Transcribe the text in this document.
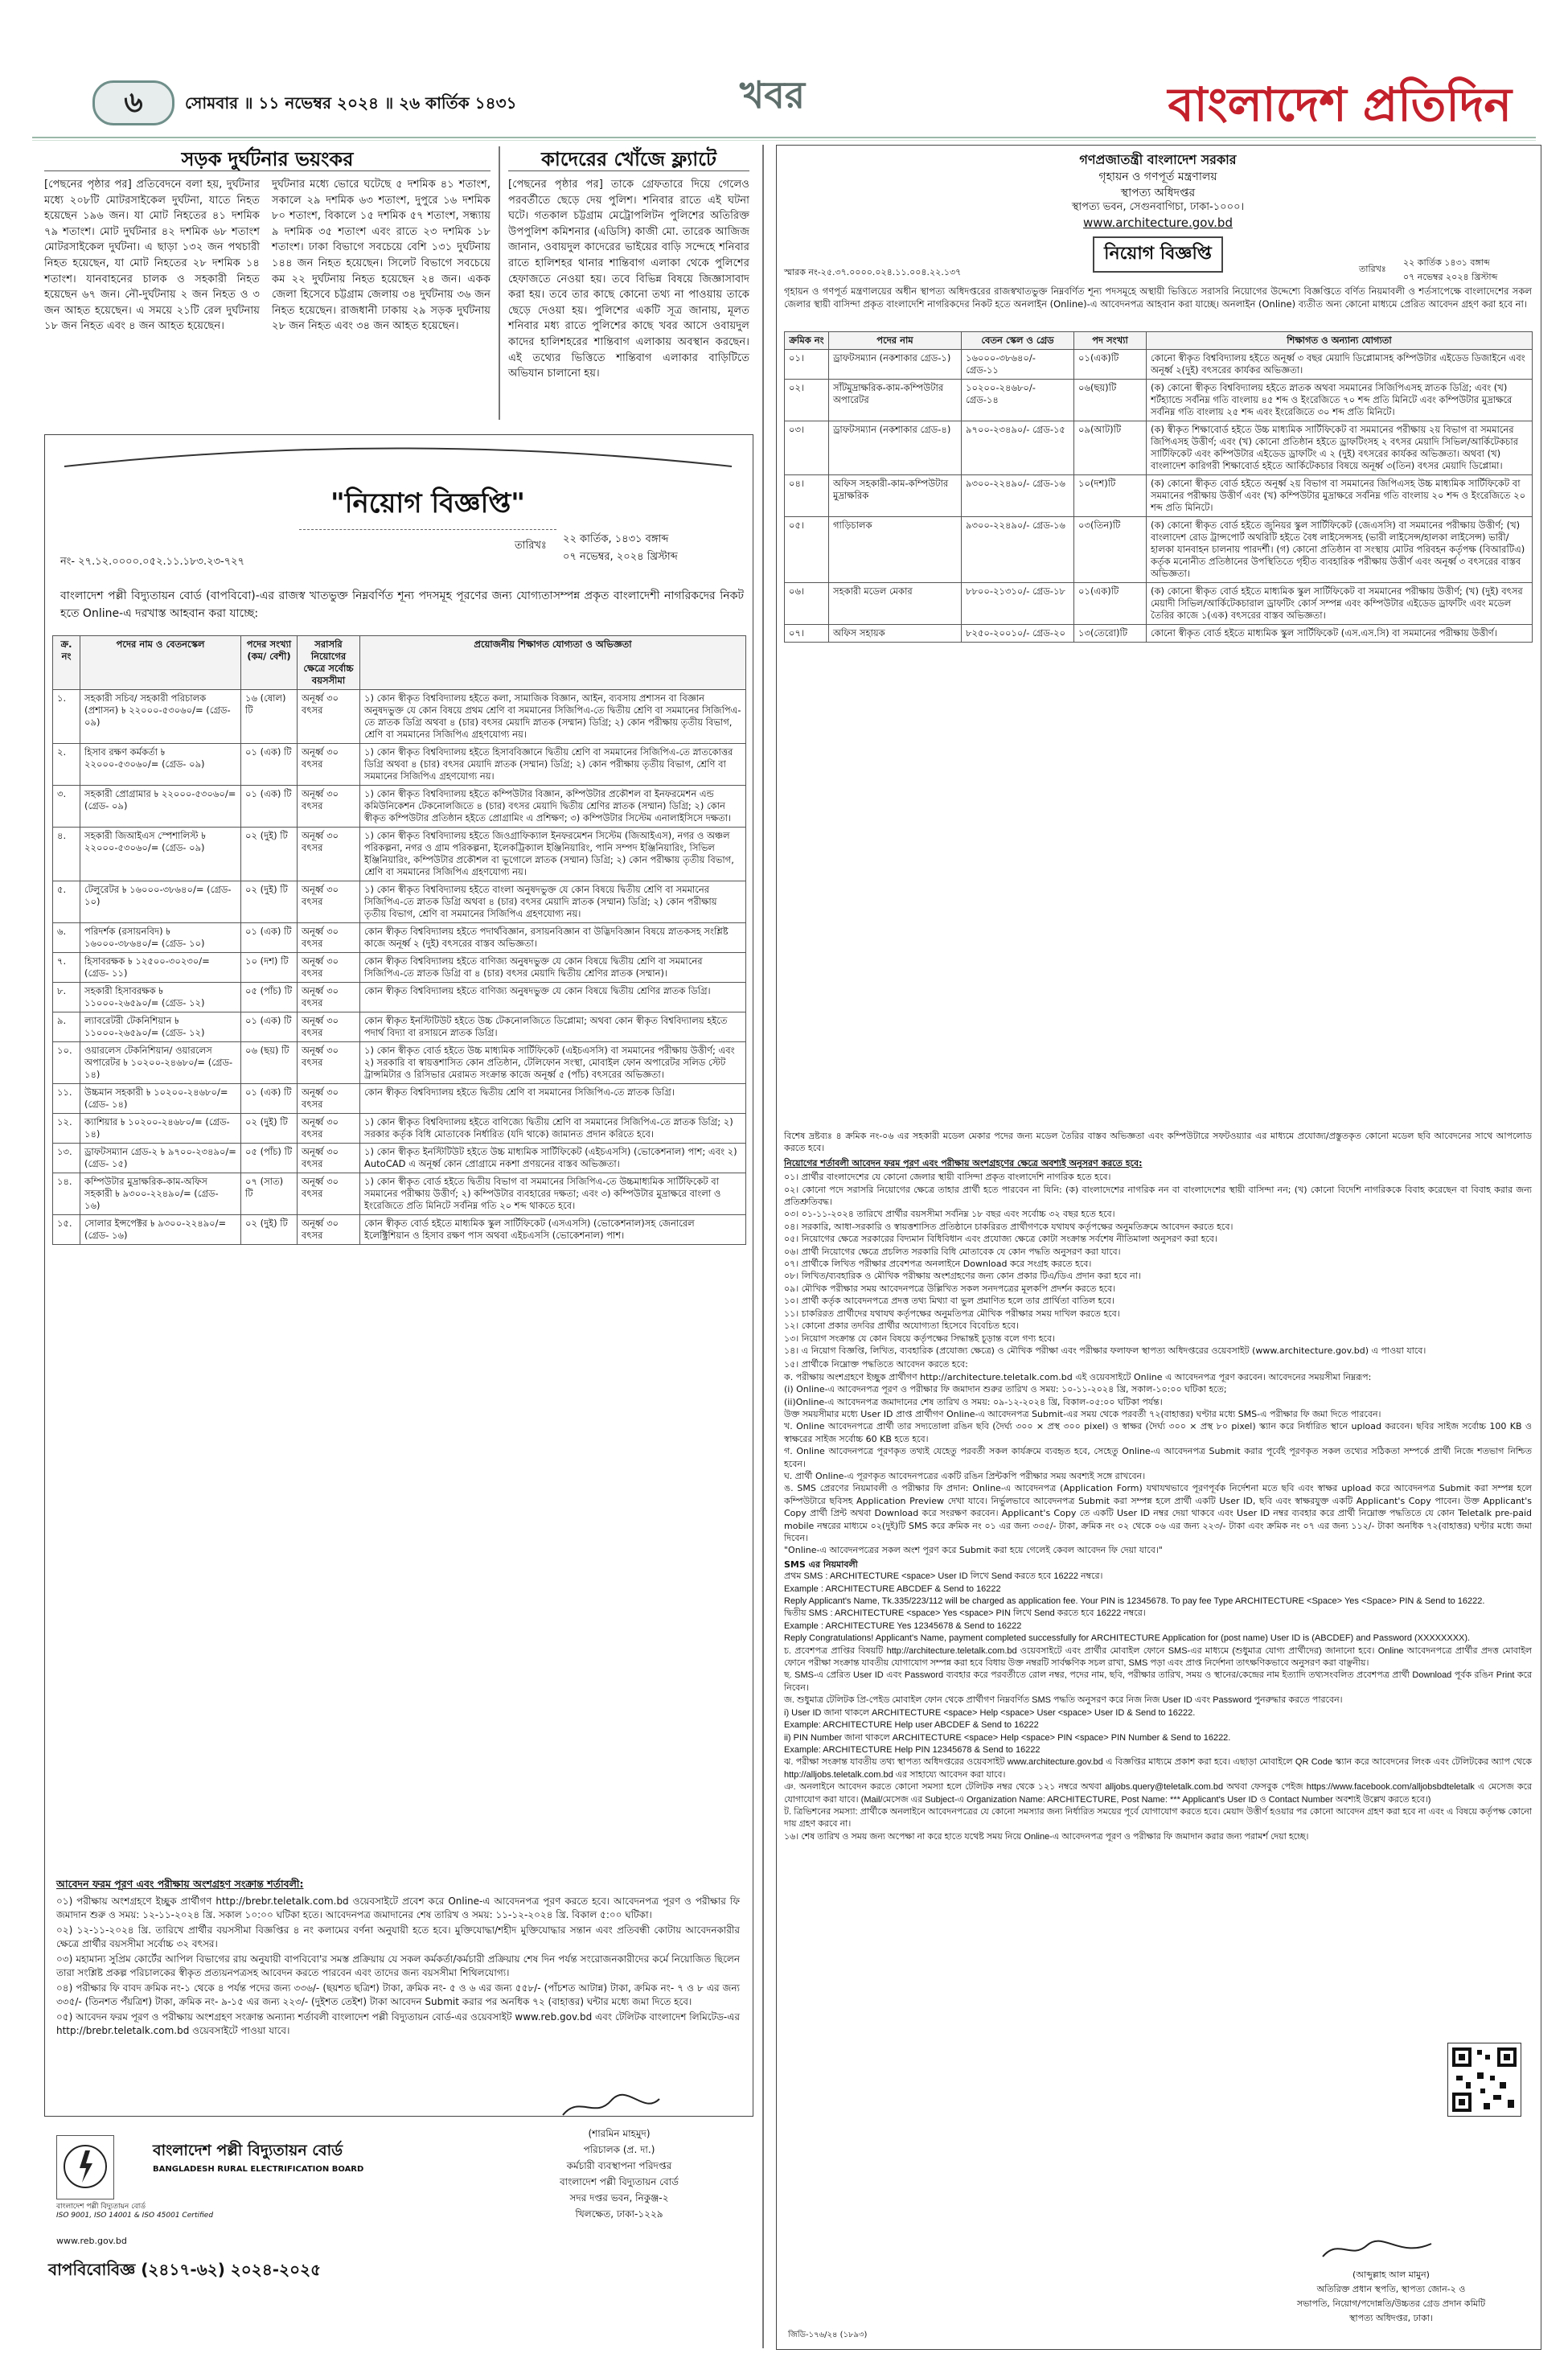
৬	সোমবার ॥ ১১ নভেম্বর ২০২৪ ॥ ২৬ কার্তিক ১৪৩১	খবর	বাংলাদেশ প্রতিদিন
সড়ক দুর্ঘটনার ভয়ংকর
[পেছনের পৃষ্ঠার পর] প্রতিবেদনে বলা হয়, দুর্ঘটনার মধ্যে ২০৮টি মোটরসাইকেল দুর্ঘটনা, যাতে নিহত হয়েছেন ১৯৬ জন। যা মোট নিহতের ৪১ দশমিক ৭৯ শতাংশ। মোট দুর্ঘটনার ৪২ দশমিক ৬৮ শতাংশ মোটরসাইকেল দুর্ঘটনা। এ ছাড়া ১৩২ জন পথচারী নিহত হয়েছেন, যা মোট নিহতের ২৮ দশমিক ১৪ শতাংশ। যানবাহনের চালক ও সহকারী নিহত হয়েছেন ৬৭ জন। নৌ-দুর্ঘটনায় ২ জন নিহত ও ৩ জন আহত হয়েছেন। এ সময়ে ২১টি রেল দুর্ঘটনায় ১৮ জন নিহত এবং ৪ জন আহত হয়েছেন।
দুর্ঘটনার মধ্যে ভোরে ঘটেছে ৫ দশমিক ৪১ শতাংশ, সকালে ২৯ দশমিক ৬৩ শতাংশ, দুপুরে ১৬ দশমিক ৮০ শতাংশ, বিকালে ১৫ দশমিক ৫৭ শতাংশ, সন্ধ্যায় ৯ দশমিক ৩৫ শতাংশ এবং রাতে ২৩ দশমিক ১৮ শতাংশ। ঢাকা বিভাগে সবচেয়ে বেশি ১৩১ দুর্ঘটনায় ১৪৪ জন নিহত হয়েছেন। সিলেট বিভাগে সবচেয়ে কম ২২ দুর্ঘটনায় নিহত হয়েছেন ২৪ জন। একক জেলা হিসেবে চট্টগ্রাম জেলায় ৩৪ দুর্ঘটনায় ৩৬ জন নিহত হয়েছেন। রাজধানী ঢাকায় ২৯ সড়ক দুর্ঘটনায় ২৮ জন নিহত এবং ৩৪ জন আহত হয়েছেন।
কাদেরের খোঁজে ফ্ল্যাটে
[পেছনের পৃষ্ঠার পর] তাকে গ্রেফতারে দিয়ে গেলেও পরবর্তীতে ছেড়ে দেয় পুলিশ। শনিবার রাতে এই ঘটনা ঘটে। গতকাল চট্টগ্রাম মেট্রোপলিটন পুলিশের অতিরিক্ত উপপুলিশ কমিশনার (এডিসি) কাজী মো. তারেক আজিজ জানান, ওবায়দুল কাদেরের ভাইয়ের বাড়ি সন্দেহে শনিবার রাতে হালিশহর থানার শান্তিবাগ এলাকা থেকে পুলিশের হেফাজতে নেওয়া হয়। তবে বিভিন্ন বিষয়ে জিজ্ঞাসাবাদ করা হয়। তবে তার কাছে কোনো তথ্য না পাওয়ায় তাকে ছেড়ে দেওয়া হয়। পুলিশের একটি সূত্র জানায়, মূলত শনিবার মধ্য রাতে পুলিশের কাছে খবর আসে ওবায়দুল কাদের হালিশহরের শান্তিবাগ এলাকায় অবস্থান করছেন। এই তথ্যের ভিত্তিতে শান্তিবাগ এলাকার বাড়িটিতে অভিযান চালানো হয়।
"নিয়োগ বিজ্ঞপ্তি"
নং- ২৭.১২.০০০০.০৫২.১১.১৮৩.২৩-৭২৭
তারিখঃ
২২ কার্তিক, ১৪৩১ বঙ্গাব্দ
০৭ নভেম্বর, ২০২৪ খ্রিস্টাব্দ
বাংলাদেশ পল্লী বিদ্যুতায়ন বোর্ড (বাপবিবো)-এর রাজস্ব খাতভুক্ত নিম্নবর্ণিত শূন্য পদসমূহ পূরণের জন্য যোগ্যতাসম্পন্ন প্রকৃত বাংলাদেশী নাগরিকদের নিকট হতে Online-এ দরখাস্ত আহবান করা যাচ্ছে:
ক্র. নং	পদের নাম ও বেতনস্কেল	পদের সংখ্যা (কম/ বেশী)	সরাসরি নিয়োগের ক্ষেত্রে সর্বোচ্চ বয়সসীমা	প্রয়োজনীয় শিক্ষাগত যোগ্যতা ও অভিজ্ঞতা
১.	সহকারী সচিব/ সহকারী পরিচালক (প্রশাসন) ৳ ২২০০০-৫৩০৬০/= (গ্রেড- ০৯)	১৬ (ষোল) টি	অনূর্ধ্ব ৩০ বৎসর	১) কোন স্বীকৃত বিশ্ববিদ্যালয় হইতে কলা, সামাজিক বিজ্ঞান, আইন, ব্যবসায় প্রশাসন বা বিজ্ঞান অনুষদভুক্ত যে কোন বিষয়ে প্রথম শ্রেণি বা সমমানের সিজিপিএ-তে দ্বিতীয় শ্রেণি বা সমমানের সিজিপিএ-তে স্নাতক ডিগ্রি অথবা ৪ (চার) বৎসর মেয়াদি স্নাতক (সম্মান) ডিগ্রি; ২) কোন পরীক্ষায় তৃতীয় বিভাগ, শ্রেণি বা সমমানের সিজিপিএ গ্রহণযোগ্য নয়।
২.	হিসাব রক্ষণ কর্মকর্তা ৳ ২২০০০-৫৩০৬০/= (গ্রেড- ০৯)	০১ (এক) টি	অনূর্ধ্ব ৩০ বৎসর	১) কোন স্বীকৃত বিশ্ববিদ্যালয় হইতে হিসাববিজ্ঞানে দ্বিতীয় শ্রেণি বা সমমানের সিজিপিএ-তে স্নাতকোত্তর ডিগ্রি অথবা ৪ (চার) বৎসর মেয়াদি স্নাতক (সম্মান) ডিগ্রি; ২) কোন পরীক্ষায় তৃতীয় বিভাগ, শ্রেণি বা সমমানের সিজিপিএ গ্রহণযোগ্য নয়।
৩.	সহকারী প্রোগ্রামার ৳ ২২০০০-৫৩০৬০/= (গ্রেড- ০৯)	০১ (এক) টি	অনূর্ধ্ব ৩০ বৎসর	১) কোন স্বীকৃত বিশ্ববিদ্যালয় হইতে কম্পিউটার বিজ্ঞান, কম্পিউটার প্রকৌশল বা ইনফরমেশন এন্ড কমিউনিকেশন টেকনোলজিতে ৪ (চার) বৎসর মেয়াদি দ্বিতীয় শ্রেণির স্নাতক (সম্মান) ডিগ্রি; ২) কোন স্বীকৃত কম্পিউটার প্রতিষ্ঠান হইতে প্রোগ্রামিং এ প্রশিক্ষণ; ৩) কম্পিউটার সিস্টেম এনালাইসিসে দক্ষতা।
৪.	সহকারী জিআইএস স্পেশালিস্ট ৳ ২২০০০-৫৩০৬০/= (গ্রেড- ০৯)	০২ (দুই) টি	অনূর্ধ্ব ৩০ বৎসর	১) কোন স্বীকৃত বিশ্ববিদ্যালয় হইতে জিওগ্রাফিক্যাল ইনফরমেশন সিস্টেম (জিআইএস), নগর ও অঞ্চল পরিকল্পনা, নগর ও গ্রাম পরিকল্পনা, ইলেকট্রিক্যাল ইঞ্জিনিয়ারিং, পানি সম্পদ ইঞ্জিনিয়ারিং, সিভিল ইঞ্জিনিয়ারিং, কম্পিউটার প্রকৌশল বা ভূগোলে স্নাতক (সম্মান) ডিগ্রি; ২) কোন পরীক্ষায় তৃতীয় বিভাগ, শ্রেণি বা সমমানের সিজিপিএ গ্রহণযোগ্য নয়।
৫.	টেলুরেটর ৳ ১৬০০০-৩৮৬৪০/= (গ্রেড- ১০)	০২ (দুই) টি	অনূর্ধ্ব ৩০ বৎসর	১) কোন স্বীকৃত বিশ্ববিদ্যালয় হইতে বাংলা অনুষদভুক্ত যে কোন বিষয়ে দ্বিতীয় শ্রেণি বা সমমানের সিজিপিএ-তে স্নাতক ডিগ্রি অথবা ৪ (চার) বৎসর মেয়াদি স্নাতক (সম্মান) ডিগ্রি; ২) কোন পরীক্ষায় তৃতীয় বিভাগ, শ্রেণি বা সমমানের সিজিপিএ গ্রহণযোগ্য নয়।
৬.	পরিদর্শক (রসায়নবিদ) ৳ ১৬০০০-৩৮৬৪০/= (গ্রেড- ১০)	০১ (এক) টি	অনূর্ধ্ব ৩০ বৎসর	কোন স্বীকৃত বিশ্ববিদ্যালয় হইতে পদার্থবিজ্ঞান, রসায়নবিজ্ঞান বা উদ্ভিদবিজ্ঞান বিষয়ে স্নাতকসহ সংশ্লিষ্ট কাজে অনূর্ধ্ব ২ (দুই) বৎসরের বাস্তব অভিজ্ঞতা।
৭.	হিসাবরক্ষক ৳ ১২৫০০-৩০২৩০/= (গ্রেড- ১১)	১০ (দশ) টি	অনূর্ধ্ব ৩০ বৎসর	কোন স্বীকৃত বিশ্ববিদ্যালয় হইতে বাণিজ্য অনুষদভুক্ত যে কোন বিষয়ে দ্বিতীয় শ্রেণি বা সমমানের সিজিপিএ-তে স্নাতক ডিগ্রি বা ৪ (চার) বৎসর মেয়াদি দ্বিতীয় শ্রেণির স্নাতক (সম্মান)।
৮.	সহকারী হিসাবরক্ষক ৳ ১১০০০-২৬৫৯০/= (গ্রেড- ১২)	০৫ (পাঁচ) টি	অনূর্ধ্ব ৩০ বৎসর	কোন স্বীকৃত বিশ্ববিদ্যালয় হইতে বাণিজ্য অনুষদভুক্ত যে কোন বিষয়ে দ্বিতীয় শ্রেণির স্নাতক ডিগ্রি।
৯.	ল্যাবরেটরী টেকনিশিয়ান ৳ ১১০০০-২৬৫৯০/= (গ্রেড- ১২)	০১ (এক) টি	অনূর্ধ্ব ৩০ বৎসর	কোন স্বীকৃত ইনস্টিটিউট হইতে উচ্চ টেকনোলজিতে ডিপ্লোমা; অথবা কোন স্বীকৃত বিশ্ববিদ্যালয় হইতে পদার্থ বিদ্যা বা রসায়নে স্নাতক ডিগ্রি।
১০.	ওয়ারলেস টেকনিশিয়ান/ ওয়ারলেস অপারেটর ৳ ১০২০০-২৪৬৮০/= (গ্রেড- ১৪)	০৬ (ছয়) টি	অনূর্ধ্ব ৩০ বৎসর	১) কোন স্বীকৃত বোর্ড হইতে উচ্চ মাধ্যমিক সার্টিফিকেট (এইচএসসি) বা সমমানের পরীক্ষায় উত্তীর্ণ; এবং ২) সরকারি বা স্বায়ত্তশাসিত কোন প্রতিষ্ঠান, টেলিফোন সংস্থা, মোবাইল ফোন অপারেটর সলিড স্টেট ট্রান্সমিটার ও রিসিভার মেরামত সংক্রান্ত কাজে অনূর্ধ্ব ৫ (পাঁচ) বৎসরের অভিজ্ঞতা।
১১.	উচ্চমান সহকারী ৳ ১০২০০-২৪৬৮০/= (গ্রেড- ১৪)	০১ (এক) টি	অনূর্ধ্ব ৩০ বৎসর	কোন স্বীকৃত বিশ্ববিদ্যালয় হইতে দ্বিতীয় শ্রেণি বা সমমানের সিজিপিএ-তে স্নাতক ডিগ্রি।
১২.	ক্যাশিয়ার ৳ ১০২০০-২৪৬৮০/= (গ্রেড- ১৪)	০২ (দুই) টি	অনূর্ধ্ব ৩০ বৎসর	১) কোন স্বীকৃত বিশ্ববিদ্যালয় হইতে বাণিজ্যে দ্বিতীয় শ্রেণি বা সমমানের সিজিপিএ-তে স্নাতক ডিগ্রি; ২) সরকার কর্তৃক বিধি মোতাবেক নির্ধারিত (যদি থাকে) জামানত প্রদান করিতে হবে।
১৩.	ড্রাফটসম্যান গ্রেড-২ ৳ ৯৭০০-২৩৪৯০/= (গ্রেড- ১৫)	০৫ (পাঁচ) টি	অনূর্ধ্ব ৩০ বৎসর	১) কোন স্বীকৃত ইনস্টিটিউট হইতে উচ্চ মাধ্যমিক সার্টিফিকেট (এইচএসসি) (ভোকেশনাল) পাশ; এবং ২) AutoCAD এ অনূর্ধ্ব কোন প্রোগ্রামে নকশা প্রণয়নের বাস্তব অভিজ্ঞতা।
১৪.	কম্পিউটার মুদ্রাক্ষরিক-কাম-অফিস সহকারী ৳ ৯৩০০-২২৪৯০/= (গ্রেড- ১৬)	০৭ (সাত) টি	অনূর্ধ্ব ৩০ বৎসর	১) কোন স্বীকৃত বোর্ড হইতে দ্বিতীয় বিভাগ বা সমমানের সিজিপিএ-তে উচ্চমাধ্যমিক সার্টিফিকেট বা সমমানের পরীক্ষায় উত্তীর্ণ; ২) কম্পিউটার ব্যবহারের দক্ষতা; এবং ৩) কম্পিউটার মুদ্রাক্ষরে বাংলা ও ইংরেজিতে প্রতি মিনিটে সর্বনিম্ন গতি ২০ শব্দ থাকতে হবে।
১৫.	সোলার ইন্সপেক্টর ৳ ৯৩০০-২২৪৯০/= (গ্রেড- ১৬)	০২ (দুই) টি	অনূর্ধ্ব ৩০ বৎসর	কোন স্বীকৃত বোর্ড হইতে মাধ্যমিক স্কুল সার্টিফিকেট (এসএসসি) (ভোকেশনাল)সহ জেনারেল ইলেক্ট্রিশিয়ান ও হিসাব রক্ষণ পাস অথবা এইচএসসি (ভোকেশনাল) পাশ।
আবেদন ফরম পূরণ এবং পরীক্ষায় অংশগ্রহণ সংক্রান্ত শর্তাবলী:
০১) পরীক্ষায় অংশগ্রহণে ইচ্ছুক প্রার্থীগণ http://brebr.teletalk.com.bd ওয়েবসাইটে প্রবেশ করে Online-এ আবেদনপত্র পূরণ করতে হবে। আবেদনপত্র পূরণ ও পরীক্ষার ফি জমাদান শুরু ও সময়: ১২-১১-২০২৪ খ্রি. সকাল ১০:০০ ঘটিকা হতে। আবেদনপত্র জমাদানের শেষ তারিখ ও সময়: ১১-১২-২০২৪ খ্রি. বিকাল ৫:০০ ঘটিকা।
০২) ১২-১১-২০২৪ খ্রি. তারিখে প্রার্থীর বয়সসীমা বিজ্ঞপ্তির ৪ নং কলামের বর্ণনা অনুযায়ী হতে হবে। মুক্তিযোদ্ধা/শহীদ মুক্তিযোদ্ধার সন্তান এবং প্রতিবন্ধী কোটায় আবেদনকারীর ক্ষেত্রে প্রার্থীর বয়সসীমা সর্বোচ্চ ৩২ বৎসর।
০৩) মহামান্য সুপ্রিম কোর্টের আপিল বিভাগের রায় অনুযায়ী বাপবিবো'র সমস্ত প্রক্রিয়ায় যে সকল কর্মকর্তা/কর্মচারী প্রক্রিয়ায় শেষ দিন পর্যন্ত সংরোজনকারীদের কর্মে নিয়োজিত ছিলেন তারা সংশ্লিষ্ট প্রকল্প পরিচালকের স্বীকৃত প্রত্যয়নপত্রসহ আবেদন করতে পারবেন এবং তাদের জন্য বয়সসীমা শিথিলযোগ্য।
০৪) পরীক্ষার ফি বাবদ ক্রমিক নং-১ থেকে ৪ পর্যন্ত পদের জন্য ৩৩৬/- (ছয়শত ছত্রিশ) টাকা, ক্রমিক নং- ৫ ও ৬ এর জন্য ৫৫৮/- (পাঁচশত আটান্ন) টাকা, ক্রমিক নং- ৭ ও ৮ এর জন্য ৩৩৫/- (তিনশত পঁয়ত্রিশ) টাকা, ক্রমিক নং- ৯-১৫ এর জন্য ২২৩/- (দুইশত তেইশ) টাকা আবেদন Submit করার পর অনধিক ৭২ (বাহাত্তর) ঘন্টার মধ্যে জমা দিতে হবে।
০৫) আবেদন ফরম পূরণ ও পরীক্ষায় অংশগ্রহণ সংক্রান্ত অন্যান্য শর্তাবলী বাংলাদেশ পল্লী বিদ্যুতায়ন বোর্ড-এর ওয়েবসাইট www.reb.gov.bd এবং টেলিটক বাংলাদেশ লিমিটেড-এর http://brebr.teletalk.com.bd ওয়েবসাইটে পাওয়া যাবে।
বাংলাদেশ পল্লী বিদ্যুতায়ন বোর্ড
ISO 9001, ISO 14001 & ISO 45001 Certified
www.reb.gov.bd
বাংলাদেশ পল্লী বিদ্যুতায়ন বোর্ড
BANGLADESH RURAL ELECTRIFICATION BOARD
(শারমিন মাহমুদ)
পরিচালক (প্র. দা.)
কর্মচারী ব্যবস্থাপনা পরিদপ্তর
বাংলাদেশ পল্লী বিদ্যুতায়ন বোর্ড
সদর দপ্তর ভবন, নিকুঞ্জ-২
খিলক্ষেত, ঢাকা-১২২৯
বাপবিবোবিজ্ঞ (২৪১৭-৬২) ২০২৪-২০২৫
গণপ্রজাতন্ত্রী বাংলাদেশ সরকার
গৃহায়ন ও গণপূর্ত মন্ত্রণালয়
স্থাপত্য অধিদপ্তর
স্থাপত্য ভবন, সেগুনবাগিচা, ঢাকা-১০০০।
www.architecture.gov.bd
নিয়োগ বিজ্ঞপ্তি
স্মারক নং-২৫.৩৭.০০০০.০২৪.১১.০০৪.২২.১৩৭	তারিখঃ
২২ কার্তিক ১৪৩১ বঙ্গাব্দ
০৭ নভেম্বর ২০২৪ খ্রিস্টাব্দ
গৃহায়ন ও গণপূর্ত মন্ত্রণালয়ের অধীন স্থাপত্য অধিদপ্তরের রাজস্বখাতভুক্ত নিম্নবর্ণিত শূন্য পদসমূহে অস্থায়ী ভিত্তিতে সরাসরি নিয়োগের উদ্দেশ্যে বিজ্ঞপ্তিতে বর্ণিত নিয়মাবলী ও শর্তসাপেক্ষে বাংলাদেশের সকল জেলার স্থায়ী বাসিন্দা প্রকৃত বাংলাদেশি নাগরিকদের নিকট হতে অনলাইন (Online)-এ আবেদনপত্র আহবান করা যাচ্ছে। অনলাইন (Online) ব্যতীত অন্য কোনো মাধ্যমে প্রেরিত আবেদন গ্রহণ করা হবে না।
ক্রমিক নং	পদের নাম	বেতন স্কেল ও গ্রেড	পদ সংখ্যা	শিক্ষাগত ও অন্যান্য যোগ্যতা
০১।	ড্রাফটসম্যান (নকশাকার গ্রেড-১)	১৬০০০-৩৮৬৪০/- গ্রেড-১১	০১(এক)টি	কোনো স্বীকৃত বিশ্ববিদ্যালয় হইতে অনূর্ধ্ব ৩ বছর মেয়াদি ডিপ্লোমাসহ কম্পিউটার এইডেড ডিজাইনে এবং অনূর্ধ্ব ২(দুই) বৎসরের কার্যকর অভিজ্ঞতা।
০২।	সাঁটমুদ্রাক্ষরিক-কাম-কম্পিউটার অপারেটর	১০২০০-২৪৬৮০/- গ্রেড-১৪	০৬(ছয়)টি	(ক) কোনো স্বীকৃত বিশ্ববিদ্যালয় হইতে স্নাতক অথবা সমমানের সিজিপিএসহ স্নাতক ডিগ্রি; এবং (খ) শর্টহ্যান্ডে সর্বনিম্ন গতি বাংলায় ৪৫ শব্দ ও ইংরেজিতে ৭০ শব্দ প্রতি মিনিটে এবং কম্পিউটার মুদ্রাক্ষরে সর্বনিম্ন গতি বাংলায় ২৫ শব্দ এবং ইংরেজিতে ৩০ শব্দ প্রতি মিনিটে।
০৩।	ড্রাফটসম্যান (নকশাকার গ্রেড-৪)	৯৭০০-২৩৪৯০/- গ্রেড-১৫	০৯(আট)টি	(ক) স্বীকৃত শিক্ষাবোর্ড হইতে উচ্চ মাধ্যমিক সার্টিফিকেট বা সমমানের পরীক্ষায় ২য় বিভাগ বা সমমানের জিপিএসহ উত্তীর্ণ; এবং (খ) কোনো প্রতিষ্ঠান হইতে ড্রাফটিংসহ ২ বৎসর মেয়াদি সিভিল/আর্কিটেকচার সার্টিফিকেট এবং কম্পিউটার এইডেড ড্রাফটিং এ ২ (দুই) বৎসরের কার্যকর অভিজ্ঞতা। অথবা (খ) বাংলাদেশ কারিগরী শিক্ষাবোর্ড হইতে আর্কিটেকচার বিষয়ে অনূর্ধ্ব ৩(তিন) বৎসর মেয়াদি ডিপ্লোমা।
০৪।	অফিস সহকারী-কাম-কম্পিউটার মুদ্রাক্ষরিক	৯৩০০-২২৪৯০/- গ্রেড-১৬	১০(দশ)টি	(ক) কোনো স্বীকৃত বোর্ড হইতে অনূর্ধ্ব ২য় বিভাগ বা সমমানের জিপিএসহ উচ্চ মাধ্যমিক সার্টিফিকেট বা সমমানের পরীক্ষায় উত্তীর্ণ এবং (খ) কম্পিউটার মুদ্রাক্ষরে সর্বনিম্ন গতি বাংলায় ২০ শব্দ ও ইংরেজিতে ২০ শব্দ প্রতি মিনিটে।
০৫।	গাড়িচালক	৯৩০০-২২৪৯০/- গ্রেড-১৬	০৩(তিন)টি	(ক) কোনো স্বীকৃত বোর্ড হইতে জুনিয়র স্কুল সার্টিফিকেট (জেএসসি) বা সমমানের পরীক্ষায় উত্তীর্ণ; (খ) বাংলাদেশ রোড ট্রান্সপোর্ট অথরিটি হইতে বৈধ লাইসেন্সসহ (ভারী লাইসেন্স/হালকা লাইসেন্স) ভারী/হালকা যানবাহন চালনায় পারদর্শী। (গ) কোনো প্রতিষ্ঠান বা সংস্থায় মোটর পরিবহন কর্তৃপক্ষ (বিআরটিএ) কর্তৃক মনোনীত প্রতিষ্ঠানের উপস্থিতিতে গৃহীত ব্যবহারিক পরীক্ষায় উত্তীর্ণ এবং অনূর্ধ্ব ৩ বৎসরের বাস্তব অভিজ্ঞতা।
০৬।	সহকারী মডেল মেকার	৮৮০০-২১৩১০/- গ্রেড-১৮	০১(এক)টি	(ক) কোনো স্বীকৃত বোর্ড হইতে মাধ্যমিক স্কুল সার্টিফিকেট বা সমমানের পরীক্ষায় উত্তীর্ণ; (খ) (দুই) বৎসর মেয়াদী সিভিল/আর্কিটেকচারাল ড্রাফটিং কোর্স সম্পন্ন এবং কম্পিউটার এইডেড ড্রাফটিং এবং মডেল তৈরির কাজে ১(এক) বৎসরের বাস্তব অভিজ্ঞতা।
০৭।	অফিস সহায়ক	৮২৫০-২০০১০/- গ্রেড-২০	১৩(তেরো)টি	কোনো স্বীকৃত বোর্ড হইতে মাধ্যমিক স্কুল সার্টিফিকেট (এস.এস.সি) বা সমমানের পরীক্ষায় উত্তীর্ণ।
বিশেষ দ্রষ্টব্যঃ ৪ ক্রমিক নং-০৬ এর সহকারী মডেল মেকার পদের জন্য মডেল তৈরির বাস্তব অভিজ্ঞতা এবং কম্পিউটারে সফটওয়্যার এর মাধ্যমে প্রযোজ্য/প্রস্তুতকৃত কোনো মডেল ছবি আবেদনের সাথে আপলোড করতে হবে।
নিয়োগের শর্তাবলী আবেদন ফরম পূরণ এবং পরীক্ষায় অংশগ্রহণের ক্ষেত্রে অবশ্যই অনুসরণ করতে হবে:
০১। প্রার্থীর বাংলাদেশের যে কোনো জেলার স্থায়ী বাসিন্দা প্রকৃত বাংলাদেশি নাগরিক হতে হবে।
০২। কোনো পদে সরাসরি নিয়োগের ক্ষেত্রে তাহার প্রার্থী হতে পারবেন না যিনি: (ক) বাংলাদেশের নাগরিক নন বা বাংলাদেশের স্থায়ী বাসিন্দা নন; (খ) কোনো বিদেশি নাগরিককে বিবাহ করেছেন বা বিবাহ করার জন্য প্রতিশ্রুতিবদ্ধ।
০৩। ০১-১১-২০২৪ তারিখে প্রার্থীর বয়সসীমা সর্বনিম্ন ১৮ বছর এবং সর্বোচ্চ ৩২ বছর হতে হবে।
০৪। সরকারি, আধা-সরকারি ও স্বায়ত্তশাসিত প্রতিষ্ঠানে চাকরিরত প্রার্থীগণকে যথাযথ কর্তৃপক্ষের অনুমতিক্রমে আবেদন করতে হবে।
০৫। নিয়োগের ক্ষেত্রে সরকারের বিদ্যমান বিধিবিধান এবং প্রযোজ্য ক্ষেত্রে কোটা সংক্রান্ত সর্বশেষ নীতিমালা অনুসরণ করা হবে।
০৬। প্রার্থী নিয়োগের ক্ষেত্রে প্রচলিত সরকারি বিধি মোতাবেক যে কোন পদ্ধতি অনুসরণ করা যাবে।
০৭। প্রার্থীকে লিখিত পরীক্ষার প্রবেশপত্র অনলাইনে Download করে সংগ্রহ করতে হবে।
০৮। লিখিত/ব্যবহারিক ও মৌখিক পরীক্ষায় অংশগ্রহণের জন্য কোন প্রকার টিএ/ডিএ প্রদান করা হবে না।
০৯। মৌখিক পরীক্ষার সময় আবেদনপত্রে উল্লিখিত সকল সনদপত্রের মূলকপি প্রদর্শন করতে হবে।
১০। প্রার্থী কর্তৃক আবেদনপত্রে প্রদত্ত তথ্য মিথ্যা বা ভুল প্রমাণিত হলে তার প্রার্থিতা বাতিল হবে।
১১। চাকরিরত প্রার্থীদের যথাযথ কর্তৃপক্ষের অনুমতিপত্র মৌখিক পরীক্ষার সময় দাখিল করতে হবে।
১২। কোনো প্রকার তদবির প্রার্থীর অযোগ্যতা হিসেবে বিবেচিত হবে।
১৩। নিয়োগ সংক্রান্ত যে কোন বিষয়ে কর্তৃপক্ষের সিদ্ধান্তই চূড়ান্ত বলে গণ্য হবে।
১৪। এ নিয়োগ বিজ্ঞপ্তি, লিখিত, ব্যবহারিক (প্রযোজ্য ক্ষেত্রে) ও মৌখিক পরীক্ষা এবং পরীক্ষার ফলাফল স্থাপত্য অধিদপ্তরের ওয়েবসাইট (www.architecture.gov.bd) এ পাওয়া যাবে।
১৫। প্রার্থীকে নিম্নোক্ত পদ্ধতিতে আবেদন করতে হবে:
ক. পরীক্ষায় অংশগ্রহণে ইচ্ছুক প্রার্থীগণ http://architecture.teletalk.com.bd এই ওয়েবসাইটে Online এ আবেদনপত্র পূরণ করবেন। আবেদনের সময়সীমা নিম্নরূপ:
(i) Online-এ আবেদনপত্র পূরণ ও পরীক্ষার ফি জমাদান শুরুর তারিখ ও সময়: ১০-১১-২০২৪ খ্রি, সকাল-১০:০০ ঘটিকা হতে;
(ii)Online-এ আবেদনপত্র জমাদানের শেষ তারিখ ও সময়: ০৯-১২-২০২৪ খ্রি, বিকাল-০৫:০০ ঘটিকা পর্যন্ত।
উক্ত সময়সীমার মধ্যে User ID প্রাপ্ত প্রার্থীগণ Online-এ আবেদনপত্র Submit-এর সময় থেকে পরবর্তী ৭২(বাহাত্তর) ঘণ্টার মধ্যে SMS-এ পরীক্ষার ফি জমা দিতে পারবেন।
খ. Online আবেদনপত্রে প্রার্থী তার সদ্যতোলা রঙিন ছবি (দৈর্ঘ্য ৩০০ × প্রস্থ ৩০০ pixel) ও স্বাক্ষর (দৈর্ঘ্য ৩০০ × প্রস্থ ৮০ pixel) স্ক্যান করে নির্ধারিত স্থানে upload করবেন। ছবির সাইজ সর্বোচ্চ 100 KB ও স্বাক্ষরের সাইজ সর্বোচ্চ 60 KB হতে হবে।
গ. Online আবেদনপত্রে পূরণকৃত তথ্যই যেহেতু পরবর্তী সকল কার্যক্রমে ব্যবহৃত হবে, সেহেতু Online-এ আবেদনপত্র Submit করার পূর্বেই পূরণকৃত সকল তথ্যের সঠিকতা সম্পর্কে প্রার্থী নিজে শতভাগ নিশ্চিত হবেন।
ঘ. প্রার্থী Online-এ পূরণকৃত আবেদনপত্রের একটি রঙিন প্রিন্টকপি পরীক্ষার সময় অবশ্যই সঙ্গে রাখবেন।
ঙ. SMS প্রেরণের নিয়মাবলী ও পরীক্ষার ফি প্রদান: Online-এ আবেদনপত্র (Application Form) যথাযথভাবে পূরণপূর্বক নির্দেশনা মতে ছবি এবং স্বাক্ষর upload করে আবেদনপত্র Submit করা সম্পন্ন হলে কম্পিউটারে ছবিসহ Application Preview দেখা যাবে। নির্ভুলভাবে আবেদনপত্র Submit করা সম্পন্ন হলে প্রার্থী একটি User ID, ছবি এবং স্বাক্ষরযুক্ত একটি Applicant's Copy পাবেন। উক্ত Applicant's Copy প্রার্থী প্রিন্ট অথবা Download করে সংরক্ষণ করবেন। Applicant's Copy তে একটি User ID নম্বর দেয়া থাকবে এবং User ID নম্বর ব্যবহার করে প্রার্থী নিম্নোক্ত পদ্ধতিতে যে কোন Teletalk pre-paid mobile নম্বরের মাধ্যমে ০২(দুই)টি SMS করে ক্রমিক নং ০১ এর জন্য ৩৩৫/- টাকা, ক্রমিক নং ০২ থেকে ০৬ এর জন্য ২২৩/- টাকা এবং ক্রমিক নং ০৭ এর জন্য ১১২/- টাকা অনধিক ৭২(বাহাত্তর) ঘণ্টার মধ্যে জমা দিবেন।
"Online-এ আবেদনপত্রের সকল অংশ পূরণ করে Submit করা হয়ে গেলেই কেবল আবেদন ফি দেয়া যাবে।"
SMS এর নিয়মাবলী
প্রথম SMS : ARCHITECTURE <space> User ID লিখে Send করতে হবে 16222 নম্বরে।
Example : ARCHITECTURE ABCDEF & Send to 16222
Reply Applicant's Name, Tk.335/223/112 will be charged as application fee. Your PIN is 12345678. To pay fee Type ARCHITECTURE <Space> Yes <Space> PIN & Send to 16222.
দ্বিতীয় SMS : ARCHITECTURE <space> Yes <space> PIN লিখে Send করতে হবে 16222 নম্বরে।
Example : ARCHITECTURE Yes 12345678 & Send to 16222
Reply Congratulations! Applicant's Name, payment completed successfully for ARCHITECTURE Application for (post name) User ID is (ABCDEF) and Password (XXXXXXXX).
চ. প্রবেশপত্র প্রাপ্তির বিষয়টি http://architecture.teletalk.com.bd ওয়েবসাইটে এবং প্রার্থীর মোবাইল ফোনে SMS-এর মাধ্যমে (শুধুমাত্র যোগ্য প্রার্থীদের) জানানো হবে। Online আবেদনপত্রে প্রার্থীর প্রদত্ত মোবাইল ফোনে পরীক্ষা সংক্রান্ত যাবতীয় যোগাযোগ সম্পন্ন করা হবে বিধায় উক্ত নম্বরটি সার্বক্ষণিক সচল রাখা, SMS পড়া এবং প্রাপ্ত নির্দেশনা তাৎক্ষণিকভাবে অনুসরণ করা বাঞ্ছনীয়।
ছ. SMS-এ প্রেরিত User ID এবং Password ব্যবহার করে পরবর্তীতে রোল নম্বর, পদের নাম, ছবি, পরীক্ষার তারিখ, সময় ও স্থানের/কেন্দ্রের নাম ইত্যাদি তথ্যসংবলিত প্রবেশপত্র প্রার্থী Download পূর্বক রঙিন Print করে নিবেন।
জ. শুধুমাত্র টেলিটক প্রি-পেইড মোবাইল ফোন থেকে প্রার্থীগণ নিম্নবর্ণিত SMS পদ্ধতি অনুসরণ করে নিজ নিজ User ID এবং Password পুনরুদ্ধার করতে পারবেন।
i) User ID জানা থাকলে ARCHITECTURE <space> Help <space> User <space> User ID & Send to 16222.
Example: ARCHITECTURE Help user ABCDEF & Send to 16222
ii) PIN Number জানা থাকলে ARCHITECTURE <space> Help <space> PIN <space> PIN Number & Send to 16222.
Example: ARCHITECTURE Help PIN 12345678 & Send to 16222
ঝ. পরীক্ষা সংক্রান্ত যাবতীয় তথ্য স্থাপত্য অধিদপ্তরের ওয়েবসাইট www.architecture.gov.bd এ বিজ্ঞপ্তির মাধ্যমে প্রকাশ করা হবে। এছাড়া মোবাইলে QR Code স্ক্যান করে আবেদনের লিংক এবং টেলিটকের অ্যাপ থেকে http://alljobs.teletalk.com.bd এর সাহায্যে আবেদন করা যাবে।
ঞ. অনলাইনে আবেদন করতে কোনো সমস্যা হলে টেলিটক নম্বর থেকে ১২১ নম্বরে অথবা alljobs.query@teletalk.com.bd অথবা ফেসবুক পেইজ https://www.facebook.com/alljobsbdteletalk এ মেসেজ করে যোগাযোগ করা যাবে। (Mail/মেসেজ এর Subject-এ Organization Name: ARCHITECTURE, Post Name: *** Applicant's User ID ও Contact Number অবশ্যই উল্লেখ করতে হবে।)
ট. ত্রিভিশনের সমস্যা: প্রার্থীকে অনলাইনে আবেদনপত্রের যে কোনো সমস্যার জন্য নির্ধারিত সময়ের পূর্বে যোগাযোগ করতে হবে। মেয়াদ উত্তীর্ণ হওয়ার পর কোনো আবেদন গ্রহণ করা হবে না এবং এ বিষয়ে কর্তৃপক্ষ কোনো দায় গ্রহণ করবে না।
১৬। শেষ তারিখ ও সময় জন্য অপেক্ষা না করে হাতে যথেষ্ট সময় নিয়ে Online-এ আবেদনপত্র পূরণ ও পরীক্ষার ফি জমাদান করার জন্য পরামর্শ দেয়া হচ্ছে।
(আব্দুল্লাহ আল মামুন)
অতিরিক্ত প্রধান স্থপতি, স্থাপত্য জোন-২ ও
সভাপতি, নিয়োগ/পদোন্নতি/উচ্চতর গ্রেড প্রদান কমিটি
স্থাপত্য অধিদপ্তর, ঢাকা।
জিডি-১৭৬/২৪ (১৮৯৩)
